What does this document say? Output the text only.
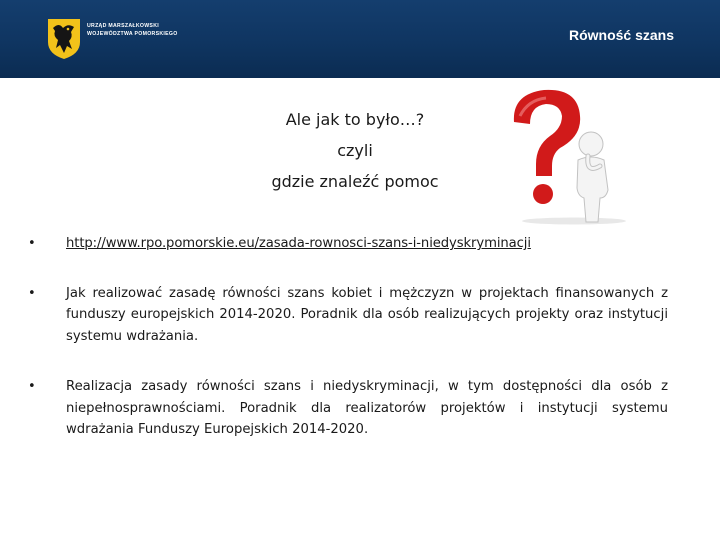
URZĄD MARSZAŁKOWSKI
WOJEWÓDZTWA POMORSKIEGO	Równość szans
Ale jak to było…?
czyli
gdzie znaleźć pomoc
• http://www.rpo.pomorskie.eu/zasada-rownosci-szans-i-niedyskryminacji
• Jak realizować zasadę równości szans kobiet i mężczyzn w projektach finansowanych z funduszy europejskich 2014-2020. Poradnik dla osób realizujących projekty oraz instytucji systemu wdrażania.
• Realizacja zasady równości szans i niedyskryminacji, w tym dostępności dla osób z niepełnosprawnościami. Poradnik dla realizatorów projektów i instytucji systemu wdrażania Funduszy Europejskich 2014-2020.
